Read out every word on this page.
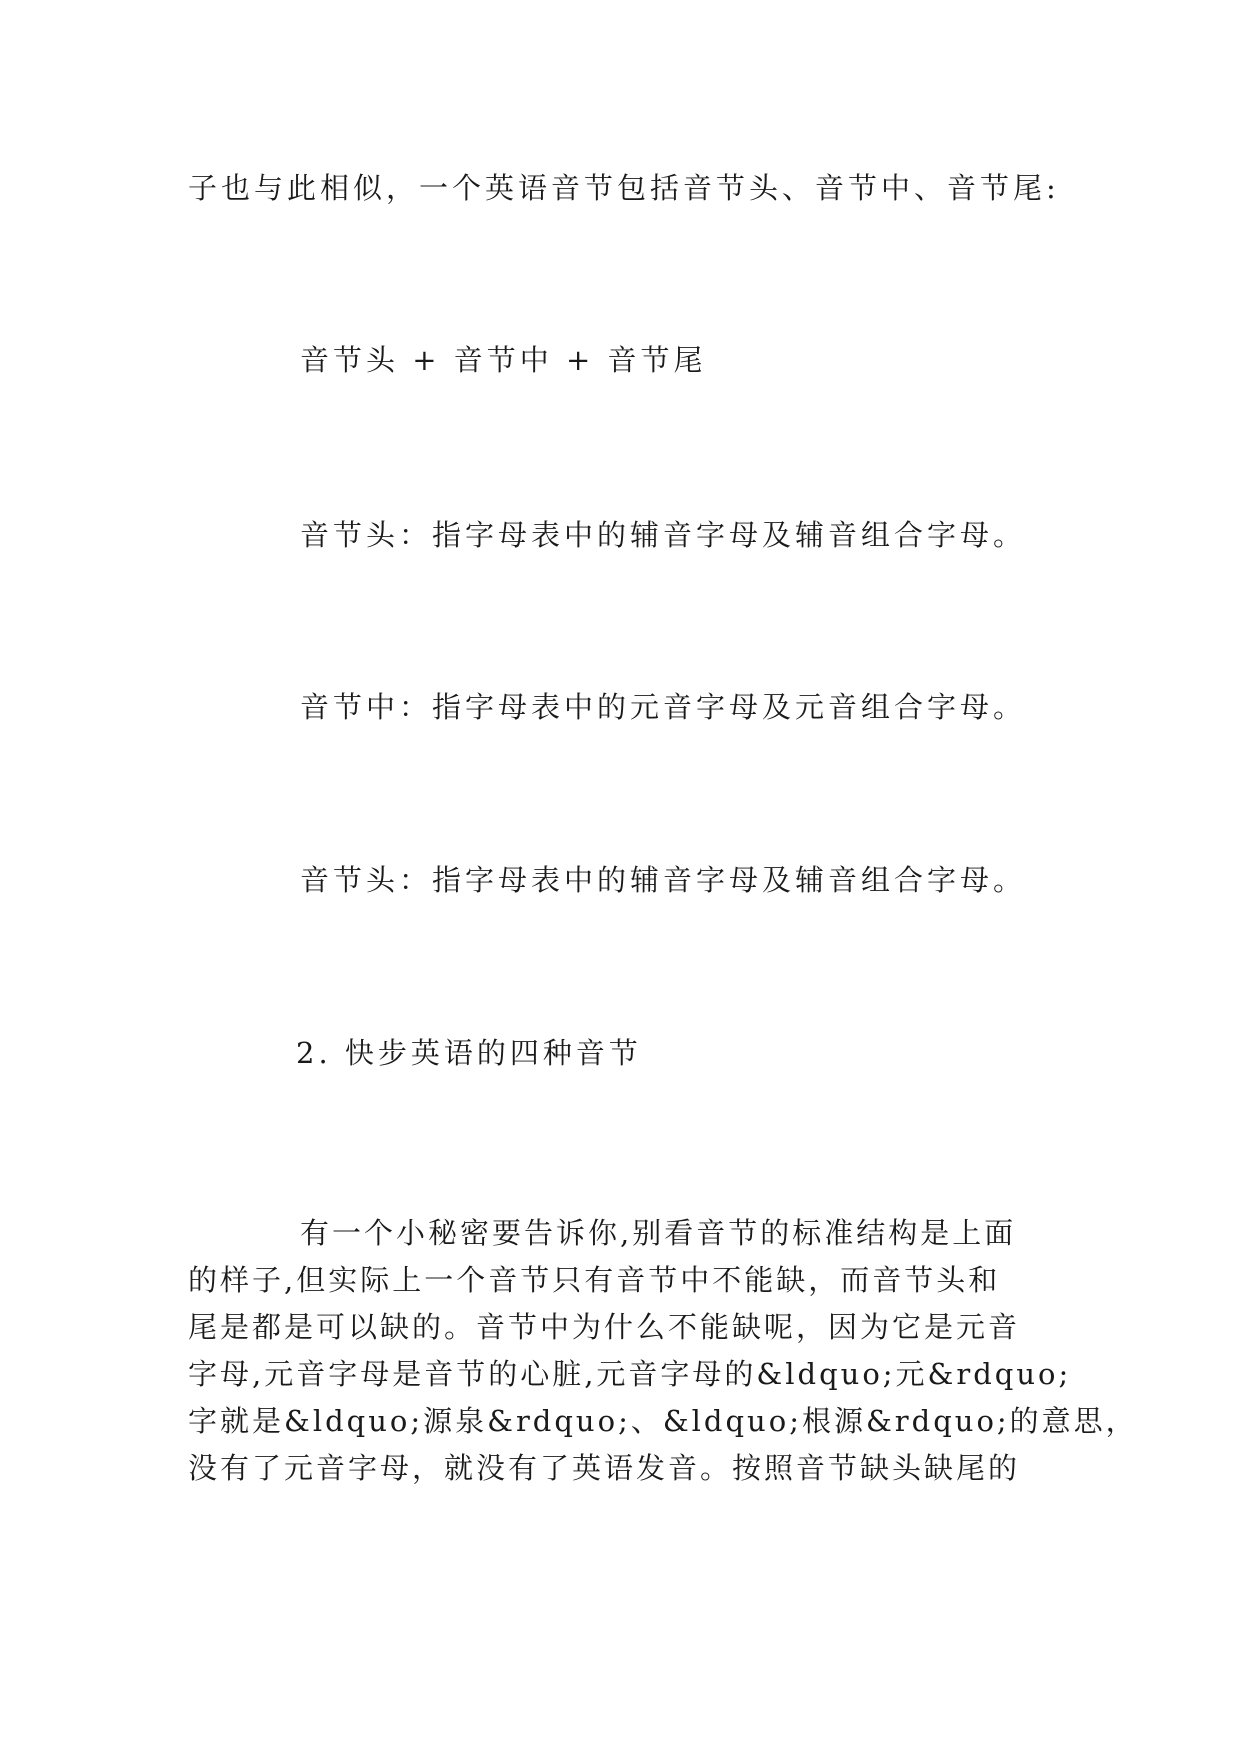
子也与此相似，一个英语音节包括音节头、音节中、音节尾:
音节头 + 音节中 + 音节尾
音节头：指字母表中的辅音字母及辅音组合字母。
音节中：指字母表中的元音字母及元音组合字母。
音节头：指字母表中的辅音字母及辅音组合字母。
2. 快步英语的四种音节

有一个小秘密要告诉你,别看音节的标准结构是上面

的样子,但实际上一个音节只有音节中不能缺，而音节头和

尾是都是可以缺的。音节中为什么不能缺呢，因为它是元音

字母,元音字母是音节的心脏,元音字母的&ldquo;元&rdquo;

字就是&ldquo;源泉&rdquo;、&ldquo;根源&rdquo;的意思，

没有了元音字母，就没有了英语发音。按照音节缺头缺尾的
